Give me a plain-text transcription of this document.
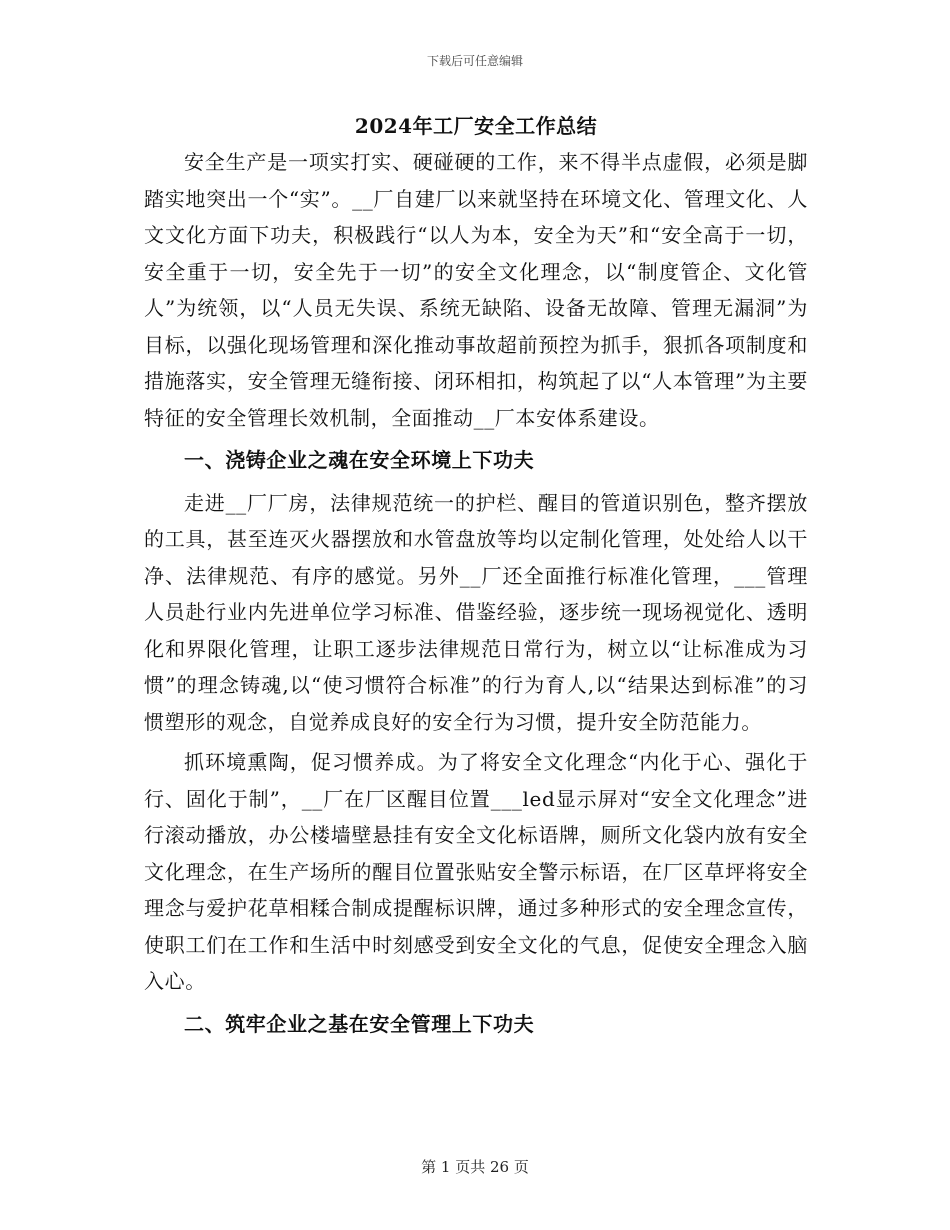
下载后可任意编辑
2024年工厂安全工作总结

安全生产是一项实打实、硬碰硬的工作，来不得半点虚假，必须是脚踏实地突出一个“实”。__厂自建厂以来就坚持在环境文化、管理文化、人文文化方面下功夫，积极践行“以人为本，安全为天”和“安全高于一切，安全重于一切，安全先于一切”的安全文化理念，以“制度管企、文化管人”为统领，以“人员无失误、系统无缺陷、设备无故障、管理无漏洞”为目标，以强化现场管理和深化推动事故超前预控为抓手，狠抓各项制度和措施落实，安全管理无缝衔接、闭环相扣，构筑起了以“人本管理”为主要特征的安全管理长效机制，全面推动__厂本安体系建设。

一、浇铸企业之魂在安全环境上下功夫

走进__厂厂房，法律规范统一的护栏、醒目的管道识别色，整齐摆放的工具，甚至连灭火器摆放和水管盘放等均以定制化管理，处处给人以干净、法律规范、有序的感觉。另外__厂还全面推行标准化管理，___管理人员赴行业内先进单位学习标准、借鉴经验，逐步统一现场视觉化、透明化和界限化管理，让职工逐步法律规范日常行为，树立以“让标准成为习惯”的理念铸魂,以“使习惯符合标准”的行为育人,以“结果达到标准”的习惯塑形的观念，自觉养成良好的安全行为习惯，提升安全防范能力。

抓环境熏陶，促习惯养成。为了将安全文化理念“内化于心、强化于行、固化于制”，__厂在厂区醒目位置___led显示屏对“安全文化理念”进行滚动播放，办公楼墙壁悬挂有安全文化标语牌，厕所文化袋内放有安全文化理念，在生产场所的醒目位置张贴安全警示标语，在厂区草坪将安全理念与爱护花草相糅合制成提醒标识牌，通过多种形式的安全理念宣传，使职工们在工作和生活中时刻感受到安全文化的气息，促使安全理念入脑入心。

二、筑牢企业之基在安全管理上下功夫
第 1 页共 26 页
